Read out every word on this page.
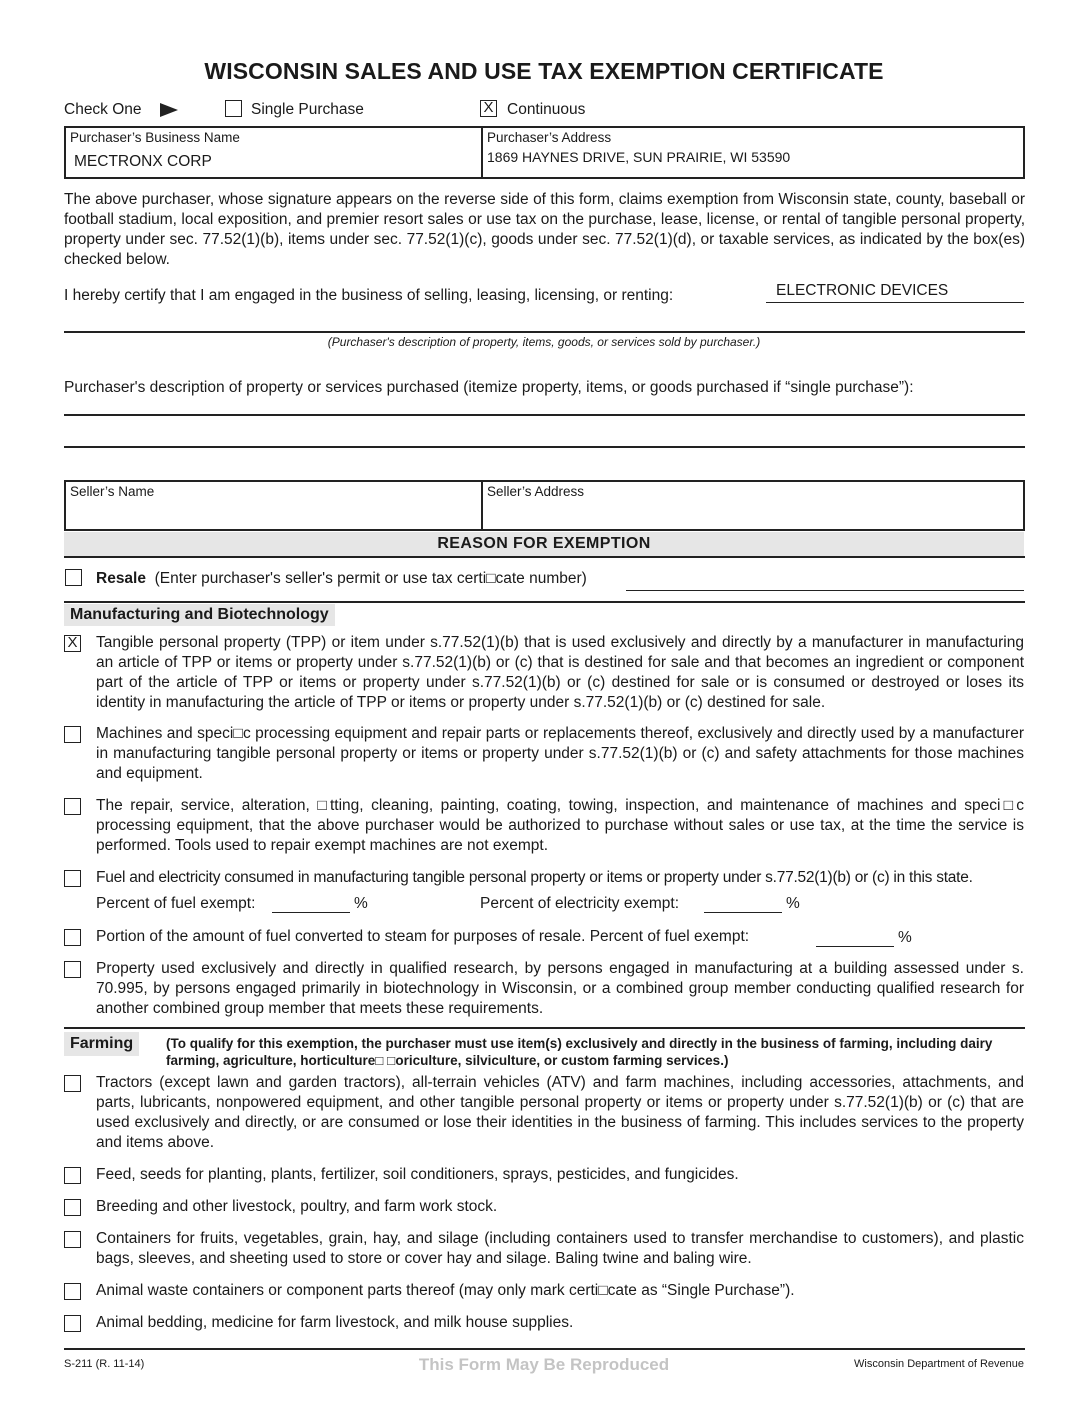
WISCONSIN SALES AND USE TAX EXEMPTION CERTIFICATE
Check One	Single Purchase	X Continuous
Purchaser’s Business Name
MECTRONX CORP
Purchaser’s Address
1869 HAYNES DRIVE, SUN PRAIRIE, WI 53590
The above purchaser, whose signature appears on the reverse side of this form, claims exemption from Wisconsin state, county, baseball or football stadium, local exposition, and premier resort sales or use tax on the purchase, lease, license, or rental of tangible personal property, property under sec. 77.52(1)(b), items under sec. 77.52(1)(c), goods under sec. 77.52(1)(d), or taxable services, as indicated by the box(es) checked below.
I hereby certify that I am engaged in the business of selling, leasing, licensing, or renting:	ELECTRONIC DEVICES
(Purchaser's description of property, items, goods, or services sold by purchaser.)
Purchaser's description of property or services purchased (itemize property, items, or goods purchased if “single purchase”):
Seller’s Name	Seller’s Address
REASON FOR EXEMPTION
Resale (Enter purchaser's seller's permit or use tax certi□cate number)
Manufacturing and Biotechnology
X Tangible personal property (TPP) or item under s.77.52(1)(b) that is used exclusively and directly by a manufacturer in manufacturing an article of TPP or items or property under s.77.52(1)(b) or (c) that is destined for sale and that becomes an ingredient or component part of the article of TPP or items or property under s.77.52(1)(b) or (c) destined for sale or is consumed or destroyed or loses its identity in manufacturing the article of TPP or items or property under s.77.52(1)(b) or (c) destined for sale.
Machines and speci□c processing equipment and repair parts or replacements thereof, exclusively and directly used by a manufacturer in manufacturing tangible personal property or items or property under s.77.52(1)(b) or (c) and safety attachments for those machines and equipment.
The repair, service, alteration, □tting, cleaning, painting, coating, towing, inspection, and maintenance of machines and speci□c processing equipment, that the above purchaser would be authorized to purchase without sales or use tax, at the time the service is performed. Tools used to repair exempt machines are not exempt.
Fuel and electricity consumed in manufacturing tangible personal property or items or property under s.77.52(1)(b) or (c) in this state.
Percent of fuel exempt:	%	Percent of electricity exempt:	%
Portion of the amount of fuel converted to steam for purposes of resale. Percent of fuel exempt:	%
Property used exclusively and directly in qualified research, by persons engaged in manufacturing at a building assessed under s. 70.995, by persons engaged primarily in biotechnology in Wisconsin, or a combined group member conducting qualified research for another combined group member that meets these requirements.
Farming	(To qualify for this exemption, the purchaser must use item(s) exclusively and directly in the business of farming, including dairy farming, agriculture, horticulture□ □oriculture, silviculture, or custom farming services.)
Tractors (except lawn and garden tractors), all-terrain vehicles (ATV) and farm machines, including accessories, attachments, and parts, lubricants, nonpowered equipment, and other tangible personal property or items or property under s.77.52(1)(b) or (c) that are used exclusively and directly, or are consumed or lose their identities in the business of farming. This includes services to the property and items above.
Feed, seeds for planting, plants, fertilizer, soil conditioners, sprays, pesticides, and fungicides.
Breeding and other livestock, poultry, and farm work stock.
Containers for fruits, vegetables, grain, hay, and silage (including containers used to transfer merchandise to customers), and plastic bags, sleeves, and sheeting used to store or cover hay and silage. Baling twine and baling wire.
Animal waste containers or component parts thereof (may only mark certi□cate as “Single Purchase”).
Animal bedding, medicine for farm livestock, and milk house supplies.
S-211 (R. 11-14)	This Form May Be Reproduced	Wisconsin Department of Revenue
